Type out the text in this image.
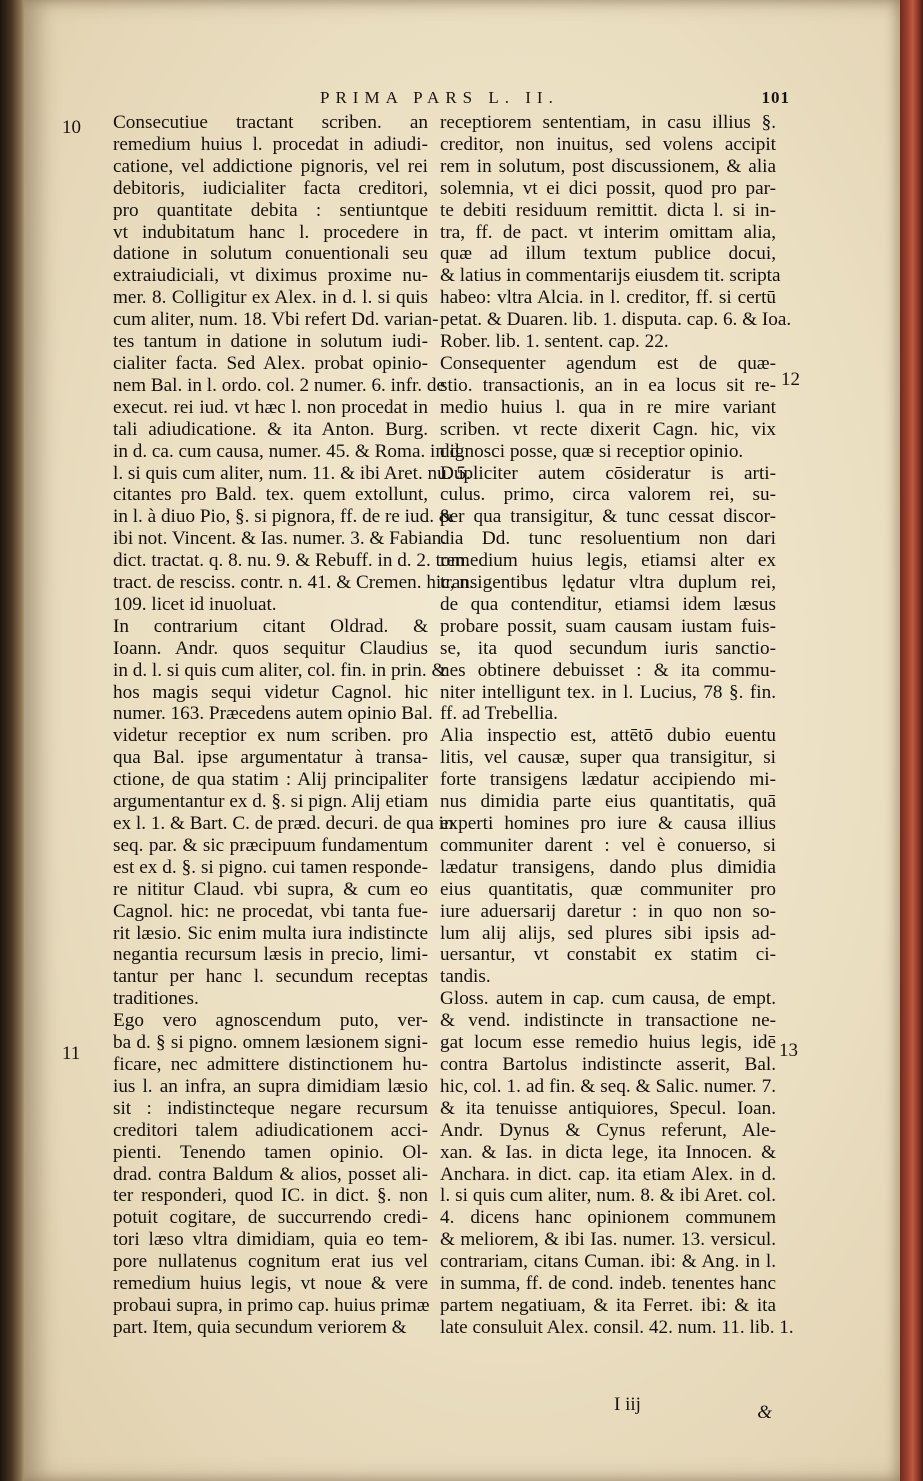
PRIMA PARS L. II.	101
10
11
12
13
Consecutiue tractant scriben. an
remedium huius l. procedat in adiudi-
catione, vel addictione pignoris, vel rei
debitoris, iudicialiter facta creditori,
pro quantitate debita : sentiuntque
vt indubitatum hanc l. procedere in
datione in solutum conuentionali seu
extraiudiciali, vt diximus proxime nu-
mer. 8. Colligitur ex Alex. in d. l. si quis
cum aliter, num. 18. Vbi refert Dd. varian-
tes tantum in datione in solutum iudi-
cialiter facta. Sed Alex. probat opinio-
nem Bal. in l. ordo. col. 2 numer. 6. infr. de
execut. rei iud. vt hæc l. non procedat in
tali adiudicatione. & ita Anton. Burg.
in d. ca. cum causa, numer. 45. & Roma. in d.
l. si quis cum aliter, num. 11. & ibi Aret. nu. 5.
citantes pro Bald. tex. quem extollunt,
in l. à diuo Pio, §. si pignora, ff. de re iud. &
ibi not. Vincent. & Ias. numer. 3. & Fabian.
dict. tractat. q. 8. nu. 9. & Rebuff. in d. 2. tom.
tract. de resciss. contr. n. 41. & Cremen. hic, n.
109. licet id inuoluat.
In contrarium citant Oldrad. &
Ioann. Andr. quos sequitur Claudius
in d. l. si quis cum aliter, col. fin. in prin. &
hos magis sequi videtur Cagnol. hic
numer. 163. Præcedens autem opinio Bal.
videtur receptior ex num scriben. pro
qua Bal. ipse argumentatur à transa-
ctione, de qua statim : Alij principaliter
argumentantur ex d. §. si pign. Alij etiam
ex l. 1. & Bart. C. de præd. decuri. de qua in
seq. par. & sic præcipuum fundamentum
est ex d. §. si pigno. cui tamen responde-
re nititur Claud. vbi supra, & cum eo
Cagnol. hic: ne procedat, vbi tanta fue-
rit læsio. Sic enim multa iura indistincte
negantia recursum læsis in precio, limi-
tantur per hanc l. secundum receptas
traditiones.
Ego vero agnoscendum puto, ver-
ba d. § si pigno. omnem læsionem signi-
ficare, nec admittere distinctionem hu-
ius l. an infra, an supra dimidiam læsio
sit : indistincteque negare recursum
creditori talem adiudicationem acci-
pienti. Tenendo tamen opinio. Ol-
drad. contra Baldum & alios, posset ali-
ter responderi, quod IC. in dict. §. non
potuit cogitare, de succurrendo credi-
tori læso vltra dimidiam, quia eo tem-
pore nullatenus cognitum erat ius vel
remedium huius legis, vt noue & vere
probaui supra, in primo cap. huius primæ
part. Item, quia secundum veriorem &
receptiorem sententiam, in casu illius §.
creditor, non inuitus, sed volens accipit
rem in solutum, post discussionem, & alia
solemnia, vt ei dici possit, quod pro par-
te debiti residuum remittit. dicta l. si in-
tra, ff. de pact. vt interim omittam alia,
quæ ad illum textum publice docui,
& latius in commentarijs eiusdem tit. scripta
habeo: vltra Alcia. in l. creditor, ff. si certū
petat. & Duaren. lib. 1. disputa. cap. 6. & Ioa.
Rober. lib. 1. sentent. cap. 22.
Consequenter agendum est de quæ-
stio. transactionis, an in ea locus sit re-
medio huius l. qua in re mire variant
scriben. vt recte dixerit Cagn. hic, vix
dignosci posse, quæ si receptior opinio.
Dupliciter autem cōsideratur is arti-
culus. primo, circa valorem rei, su-
per qua transigitur, & tunc cessat discor-
dia Dd. tunc resoluentium non dari
remedium huius legis, etiamsi alter ex
transigentibus lędatur vltra duplum rei,
de qua contenditur, etiamsi idem læsus
probare possit, suam causam iustam fuis-
se, ita quod secundum iuris sanctio-
nes obtinere debuisset : & ita commu-
niter intelligunt tex. in l. Lucius, 78 §. fin.
ff. ad Trebellia.
Alia inspectio est, attētō dubio euentu
litis, vel causæ, super qua transigitur, si
forte transigens lædatur accipiendo mi-
nus dimidia parte eius quantitatis, quā
experti homines pro iure & causa illius
communiter darent : vel è conuerso, si
lædatur transigens, dando plus dimidia
eius quantitatis, quæ communiter pro
iure aduersarij daretur : in quo non so-
lum alij alijs, sed plures sibi ipsis ad-
uersantur, vt constabit ex statim ci-
tandis.
Gloss. autem in cap. cum causa, de empt.
& vend. indistincte in transactione ne-
gat locum esse remedio huius legis, idē
contra Bartolus indistincte asserit, Bal.
hic, col. 1. ad fin. & seq. & Salic. numer. 7.
& ita tenuisse antiquiores, Specul. Ioan.
Andr. Dynus & Cynus referunt, Ale-
xan. & Ias. in dicta lege, ita Innocen. &
Anchara. in dict. cap. ita etiam Alex. in d.
l. si quis cum aliter, num. 8. & ibi Aret. col.
4. dicens hanc opinionem communem
& meliorem, & ibi Ias. numer. 13. versicul.
contrariam, citans Cuman. ibi: & Ang. in l.
in summa, ff. de cond. indeb. tenentes hanc
partem negatiuam, & ita Ferret. ibi: & ita
late consuluit Alex. consil. 42. num. 11. lib. 1.
I iij	&
